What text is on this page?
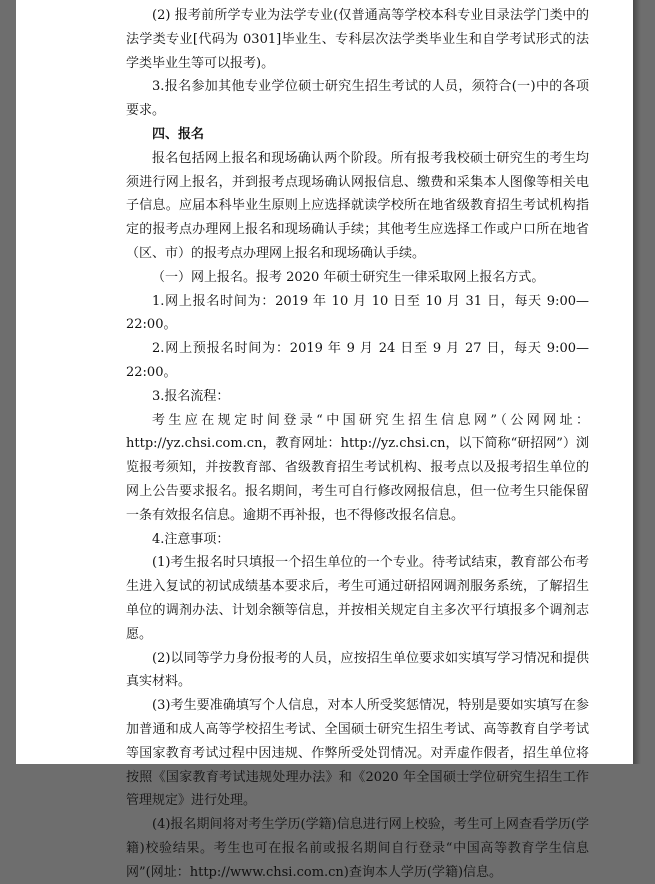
(2) 报考前所学专业为法学专业(仅普通高等学校本科专业目录法学门类中的法学类专业[代码为 0301]毕业生、专科层次法学类毕业生和自学考试形式的法学类毕业生等可以报考)。

3.报名参加其他专业学位硕士研究生招生考试的人员，须符合(一)中的各项要求。

四、报名

报名包括网上报名和现场确认两个阶段。所有报考我校硕士研究生的考生均须进行网上报名，并到报考点现场确认网报信息、缴费和采集本人图像等相关电子信息。应届本科毕业生原则上应选择就读学校所在地省级教育招生考试机构指定的报考点办理网上报名和现场确认手续；其他考生应选择工作或户口所在地省（区、市）的报考点办理网上报名和现场确认手续。

（一）网上报名。报考 2020 年硕士研究生一律采取网上报名方式。

1.网上报名时间为：2019 年 10 月 10 日至 10 月 31 日，每天 9:00—22:00。

2.网上预报名时间为：2019 年 9 月 24 日至 9 月 27 日，每天 9:00—22:00。

3.报名流程：

考生应在规定时间登录“中国研究生招生信息网”（公网网址：http://yz.chsi.com.cn，教育网址：http://yz.chsi.cn，以下简称“研招网”）浏览报考须知，并按教育部、省级教育招生考试机构、报考点以及报考招生单位的网上公告要求报名。报名期间，考生可自行修改网报信息，但一位考生只能保留一条有效报名信息。逾期不再补报，也不得修改报名信息。

4.注意事项：

(1)考生报名时只填报一个招生单位的一个专业。待考试结束，教育部公布考生进入复试的初试成绩基本要求后，考生可通过研招网调剂服务系统，了解招生单位的调剂办法、计划余额等信息，并按相关规定自主多次平行填报多个调剂志愿。

(2)以同等学力身份报考的人员，应按招生单位要求如实填写学习情况和提供真实材料。

(3)考生要准确填写个人信息，对本人所受奖惩情况，特别是要如实填写在参加普通和成人高等学校招生考试、全国硕士研究生招生考试、高等教育自学考试等国家教育考试过程中因违规、作弊所受处罚情况。对弄虚作假者，招生单位将按照《国家教育考试违规处理办法》和《2020 年全国硕士学位研究生招生工作管理规定》进行处理。

(4)报名期间将对考生学历(学籍)信息进行网上校验，考生可上网查看学历(学籍)校验结果。考生也可在报名前或报名期间自行登录“中国高等教育学生信息网”(网址：http://www.chsi.com.cn)查询本人学历(学籍)信息。
